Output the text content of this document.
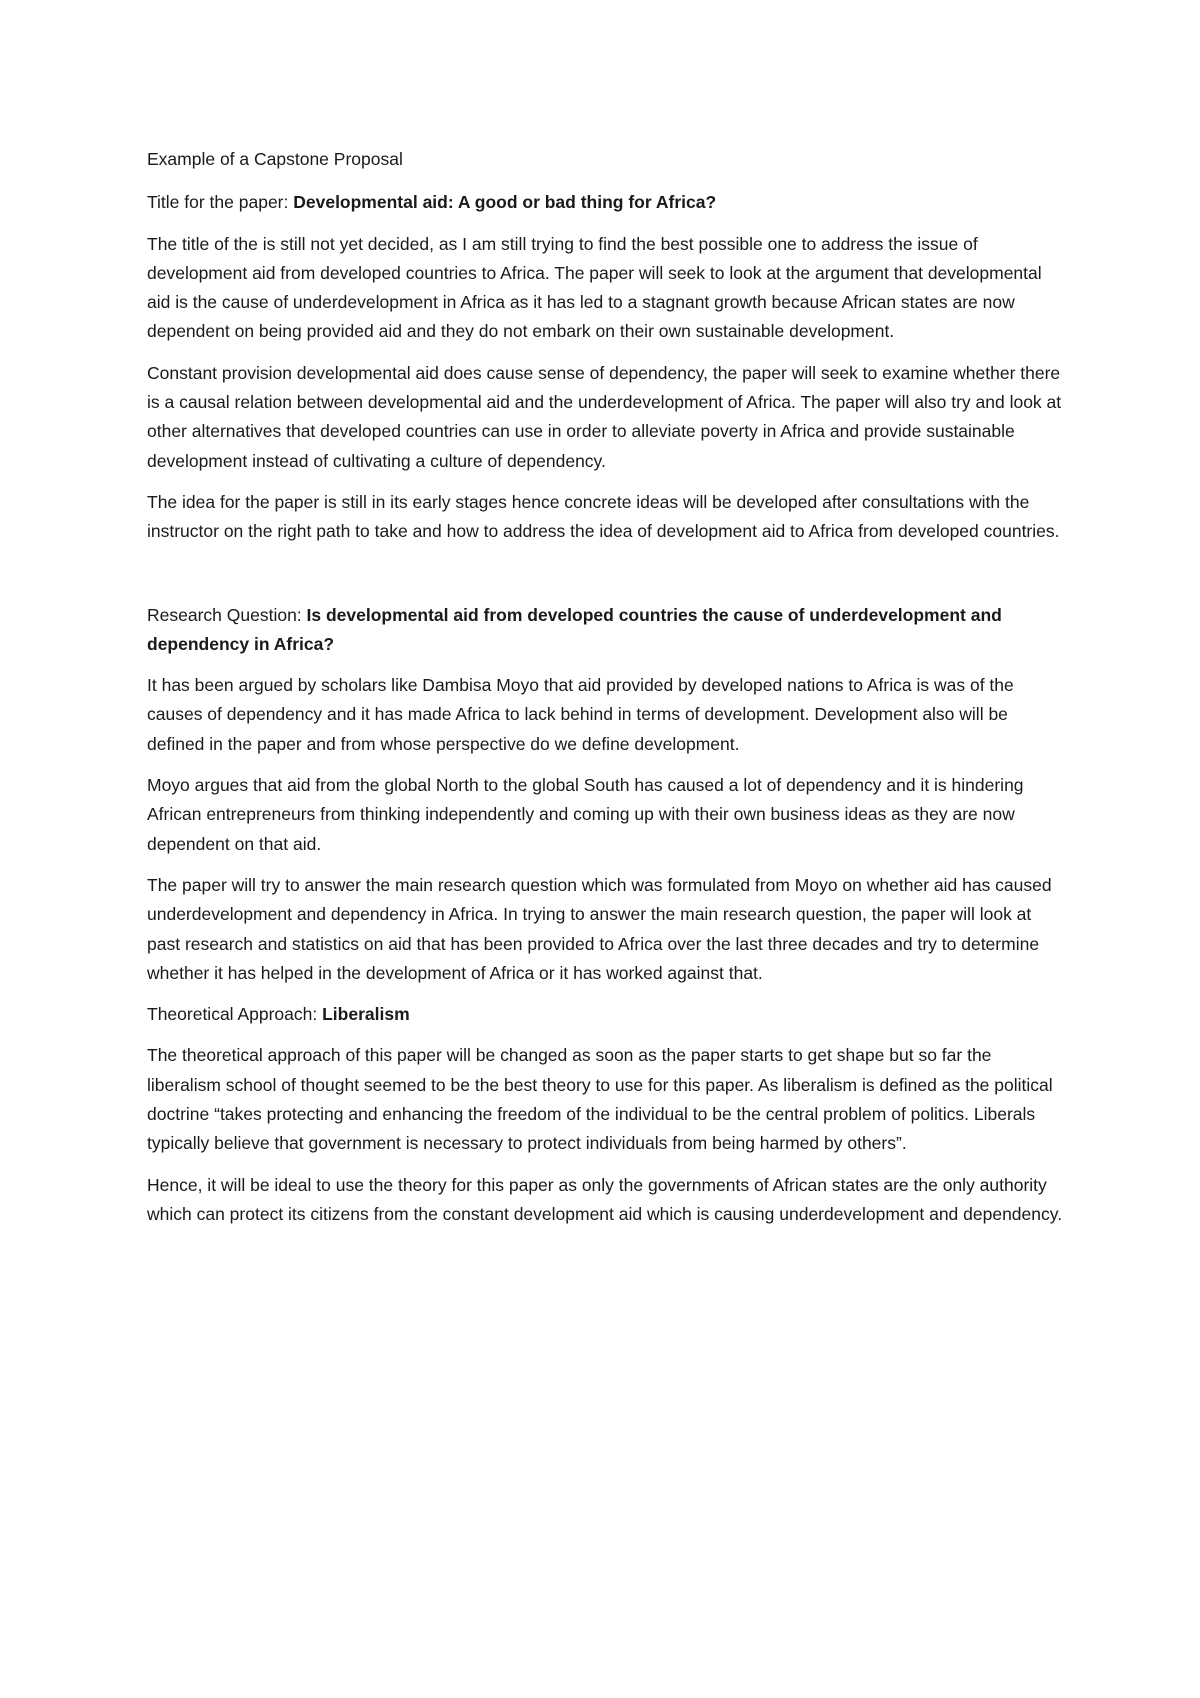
Example of a Capstone Proposal

Title for the paper: Developmental aid: A good or bad thing for Africa?

The title of the is still not yet decided, as I am still trying to find the best possible one to address the issue of development aid from developed countries to Africa. The paper will seek to look at the argument that developmental aid is the cause of underdevelopment in Africa as it has led to a stagnant growth because African states are now dependent on being provided aid and they do not embark on their own sustainable development.

Constant provision developmental aid does cause sense of dependency, the paper will seek to examine whether there is a causal relation between developmental aid and the underdevelopment of Africa. The paper will also try and look at other alternatives that developed countries can use in order to alleviate poverty in Africa and provide sustainable development instead of cultivating a culture of dependency.

The idea for the paper is still in its early stages hence concrete ideas will be developed after consultations with the instructor on the right path to take and how to address the idea of development aid to Africa from developed countries.

Research Question: Is developmental aid from developed countries the cause of underdevelopment and dependency in Africa?

It has been argued by scholars like Dambisa Moyo that aid provided by developed nations to Africa is was of the causes of dependency and it has made Africa to lack behind in terms of development. Development also will be defined in the paper and from whose perspective do we define development.

Moyo argues that aid from the global North to the global South has caused a lot of dependency and it is hindering African entrepreneurs from thinking independently and coming up with their own business ideas as they are now dependent on that aid.

The paper will try to answer the main research question which was formulated from Moyo on whether aid has caused underdevelopment and dependency in Africa. In trying to answer the main research question, the paper will look at past research and statistics on aid that has been provided to Africa over the last three decades and try to determine whether it has helped in the development of Africa or it has worked against that.

Theoretical Approach: Liberalism

The theoretical approach of this paper will be changed as soon as the paper starts to get shape but so far the liberalism school of thought seemed to be the best theory to use for this paper. As liberalism is defined as the political doctrine “takes protecting and enhancing the freedom of the individual to be the central problem of politics. Liberals typically believe that government is necessary to protect individuals from being harmed by others”.

Hence, it will be ideal to use the theory for this paper as only the governments of African states are the only authority which can protect its citizens from the constant development aid which is causing underdevelopment and dependency.
